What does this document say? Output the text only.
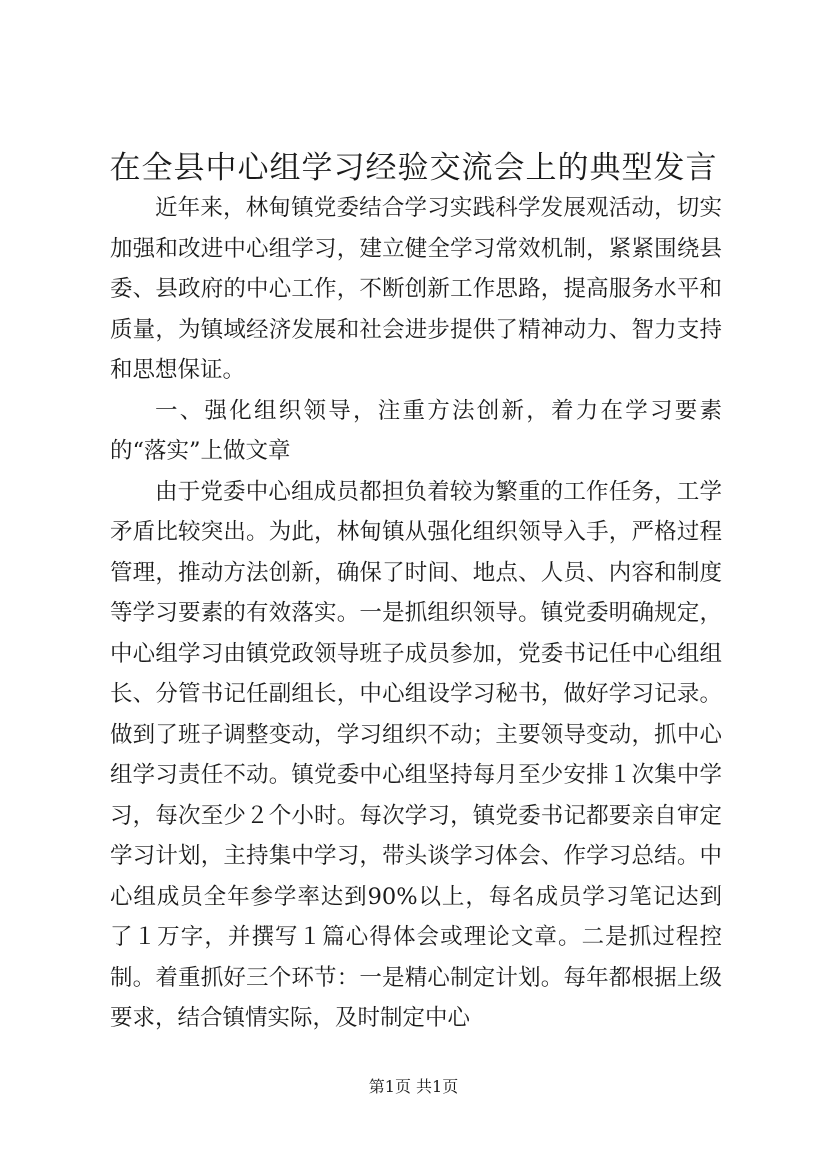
在全县中心组学习经验交流会上的典型发言

近年来，林甸镇党委结合学习实践科学发展观活动，切实加强和改进中心组学习，建立健全学习常效机制，紧紧围绕县委、县政府的中心工作，不断创新工作思路，提高服务水平和质量，为镇域经济发展和社会进步提供了精神动力、智力支持和思想保证。

一、强化组织领导，注重方法创新，着力在学习要素的“落实”上做文章

由于党委中心组成员都担负着较为繁重的工作任务，工学矛盾比较突出。为此，林甸镇从强化组织领导入手，严格过程管理，推动方法创新，确保了时间、地点、人员、内容和制度等学习要素的有效落实。一是抓组织领导。镇党委明确规定，中心组学习由镇党政领导班子成员参加，党委书记任中心组组长、分管书记任副组长，中心组设学习秘书，做好学习记录。做到了班子调整变动，学习组织不动；主要领导变动，抓中心组学习责任不动。镇党委中心组坚持每月至少安排１次集中学习，每次至少２个小时。每次学习，镇党委书记都要亲自审定学习计划，主持集中学习，带头谈学习体会、作学习总结。中心组成员全年参学率达到90%以上，每名成员学习笔记达到了１万字，并撰写１篇心得体会或理论文章。二是抓过程控制。着重抓好三个环节：一是精心制定计划。每年都根据上级要求，结合镇情实际，及时制定中心

第1页 共1页
